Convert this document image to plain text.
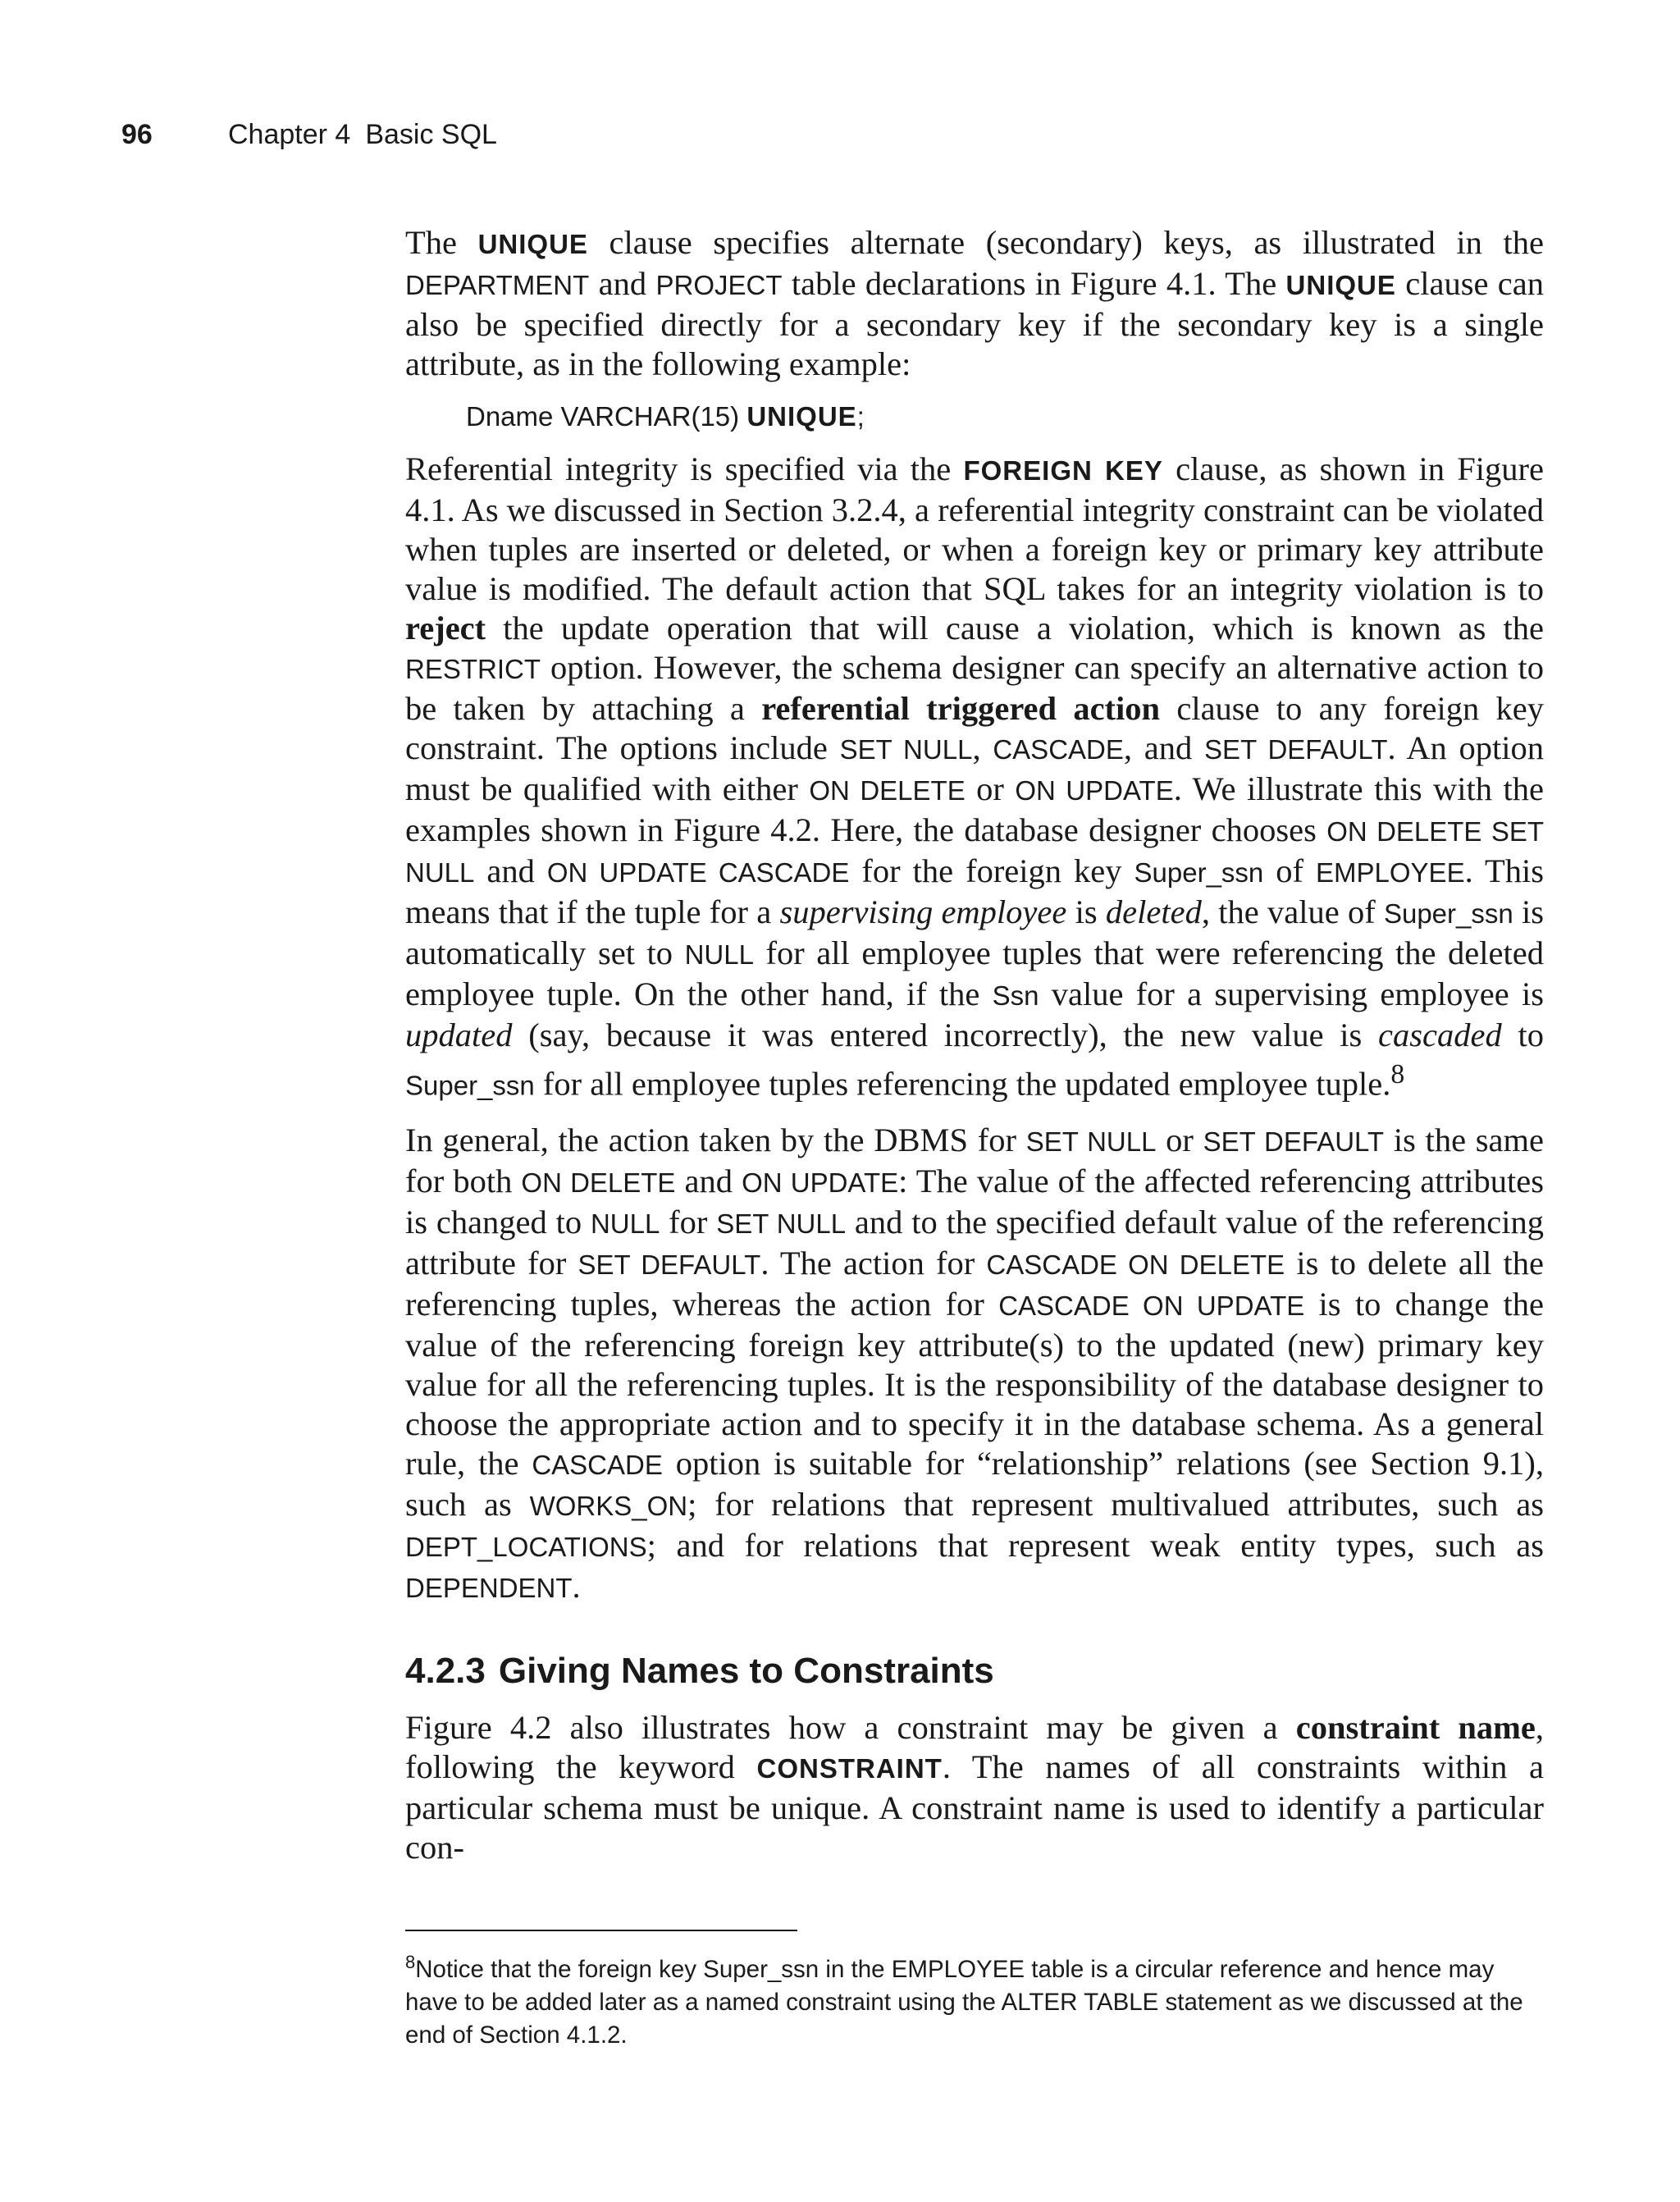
96	Chapter 4 Basic SQL

The UNIQUE clause specifies alternate (secondary) keys, as illustrated in the DEPARTMENT and PROJECT table declarations in Figure 4.1. The UNIQUE clause can also be specified directly for a secondary key if the secondary key is a single attribute, as in the following example:

Dname VARCHAR(15) UNIQUE;

Referential integrity is specified via the FOREIGN KEY clause, as shown in Figure 4.1. As we discussed in Section 3.2.4, a referential integrity constraint can be violated when tuples are inserted or deleted, or when a foreign key or primary key attribute value is modified. The default action that SQL takes for an integrity violation is to reject the update operation that will cause a violation, which is known as the RESTRICT option. However, the schema designer can specify an alternative action to be taken by attaching a referential triggered action clause to any foreign key constraint. The options include SET NULL, CASCADE, and SET DEFAULT. An option must be qualified with either ON DELETE or ON UPDATE. We illustrate this with the examples shown in Figure 4.2. Here, the database designer chooses ON DELETE SET NULL and ON UPDATE CASCADE for the foreign key Super_ssn of EMPLOYEE. This means that if the tuple for a supervising employee is deleted, the value of Super_ssn is automatically set to NULL for all employee tuples that were referencing the deleted employee tuple. On the other hand, if the Ssn value for a supervising employee is updated (say, because it was entered incorrectly), the new value is cascaded to Super_ssn for all employee tuples referencing the updated employee tuple.$^8$

In general, the action taken by the DBMS for SET NULL or SET DEFAULT is the same for both ON DELETE and ON UPDATE: The value of the affected referencing attributes is changed to NULL for SET NULL and to the specified default value of the referencing attribute for SET DEFAULT. The action for CASCADE ON DELETE is to delete all the referencing tuples, whereas the action for CASCADE ON UPDATE is to change the value of the referencing foreign key attribute(s) to the updated (new) primary key value for all the referencing tuples. It is the responsibility of the database designer to choose the appropriate action and to specify it in the database schema. As a general rule, the CASCADE option is suitable for “relationship” relations (see Section 9.1), such as WORKS_ON; for relations that represent multivalued attributes, such as DEPT_LOCATIONS; and for relations that represent weak entity types, such as DEPENDENT.

4.2.3 Giving Names to Constraints

Figure 4.2 also illustrates how a constraint may be given a constraint name, following the keyword CONSTRAINT. The names of all constraints within a particular schema must be unique. A constraint name is used to identify a particular con-

$^8$Notice that the foreign key Super_ssn in the EMPLOYEE table is a circular reference and hence may have to be added later as a named constraint using the ALTER TABLE statement as we discussed at the end of Section 4.1.2.
